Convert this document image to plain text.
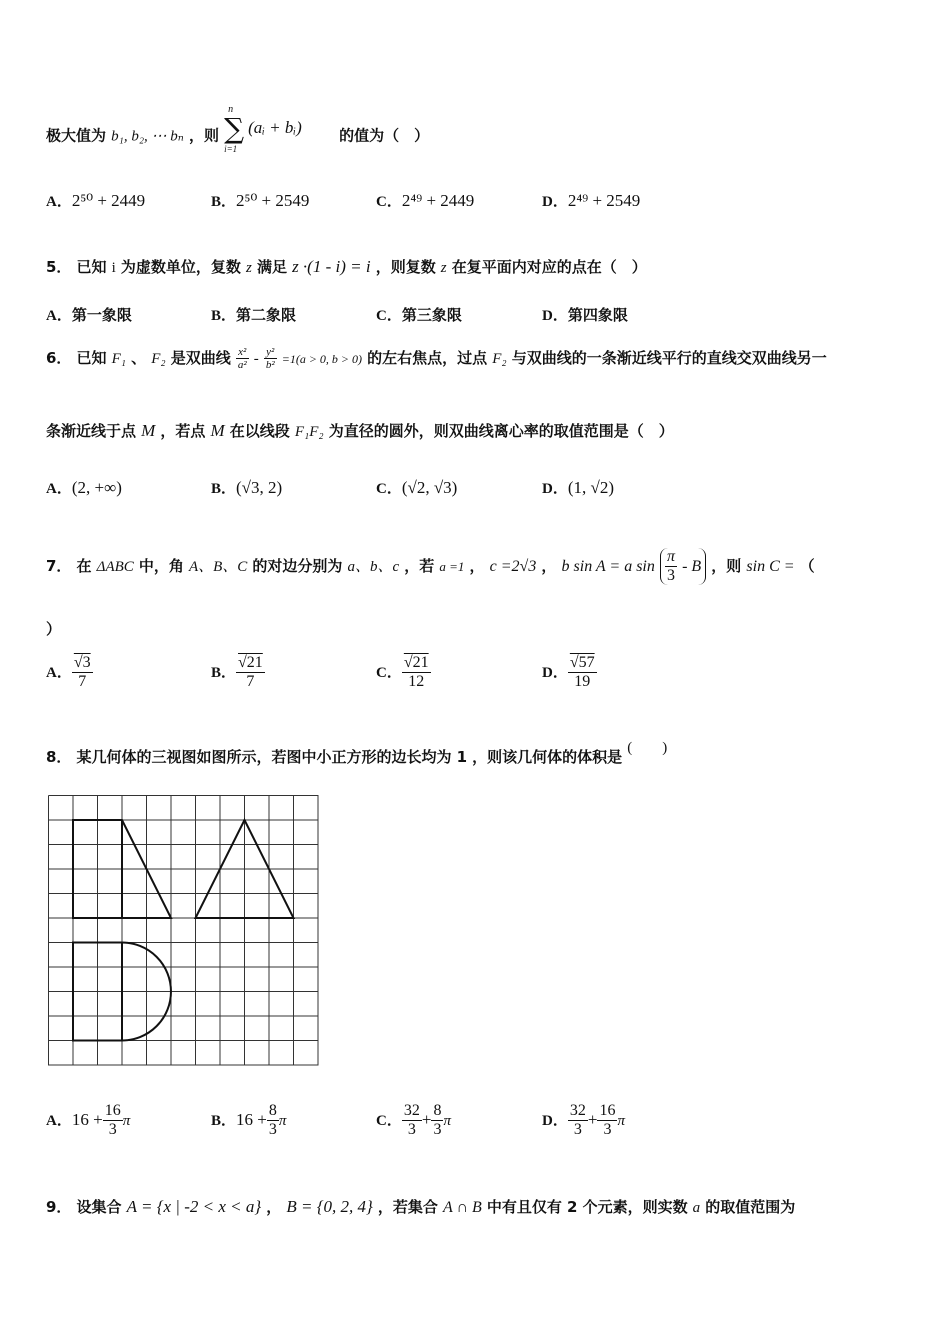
极大值为 b₁, b₂, ⋯ bₙ ，则
n
∑
i=1
(aᵢ + bᵢ) 的值为（　）
A．2⁵⁰ + 2449	B．2⁵⁰ + 2549	C．2⁴⁹ + 2449	D．2⁴⁹ + 2549
5． 已知 i 为虚数单位，复数 z 满足 z ·(1 - i) = i ，则复数 z 在复平面内对应的点在（　）
A．第一象限	B．第二象限	C．第三象限	D．第四象限
6． 已知 F₁ 、 F₂ 是双曲线 $\frac{\text{x²}}{\text{a²}} - \frac{\text{y²}}{\text{b²}} =1(a > 0$, b > 0) 的左右焦点，过点 F₂ 与双曲线的一条渐近线平行的直线交双曲线另一
条渐近线于点 M ，若点 M 在以线段 F₁F₂ 为直径的圆外，则双曲线离心率的取值范围是（　）
A．(2, +∞)	B．(√3, 2)	C．(√2, √3)	D．(1, √2)
7． 在 ΔABC 中，角 A、B、C 的对边分别为 a、b、c ，若 a =1 ， c =2√3 ， b sin A = a $\sin \frac{\pi}{3}$ - B ，则 sin C = （
）
A． $\frac{√3}{7}$	B． $\frac{√21}{7}$	C． $\frac{√21}{12}$	D． $\frac{√57}{19}$
8． 某几何体的三视图如图所示，若图中小正方形的边长均为 1 ，则该几何体的体积是 (　　)
A．$16 + \frac{16}{3}$ π	B．$16 + \frac{8}{3}$ π	C． $\frac{32}{3} + \frac{8}{3}$ π	D． $\frac{32}{3} + \frac{16}{3}$ π
9． 设集合 A = {x | -2 < x < a} ， B = {0, 2, 4} ，若集合 A ∩ B 中有且仅有 2 个元素，则实数 a 的取值范围为
